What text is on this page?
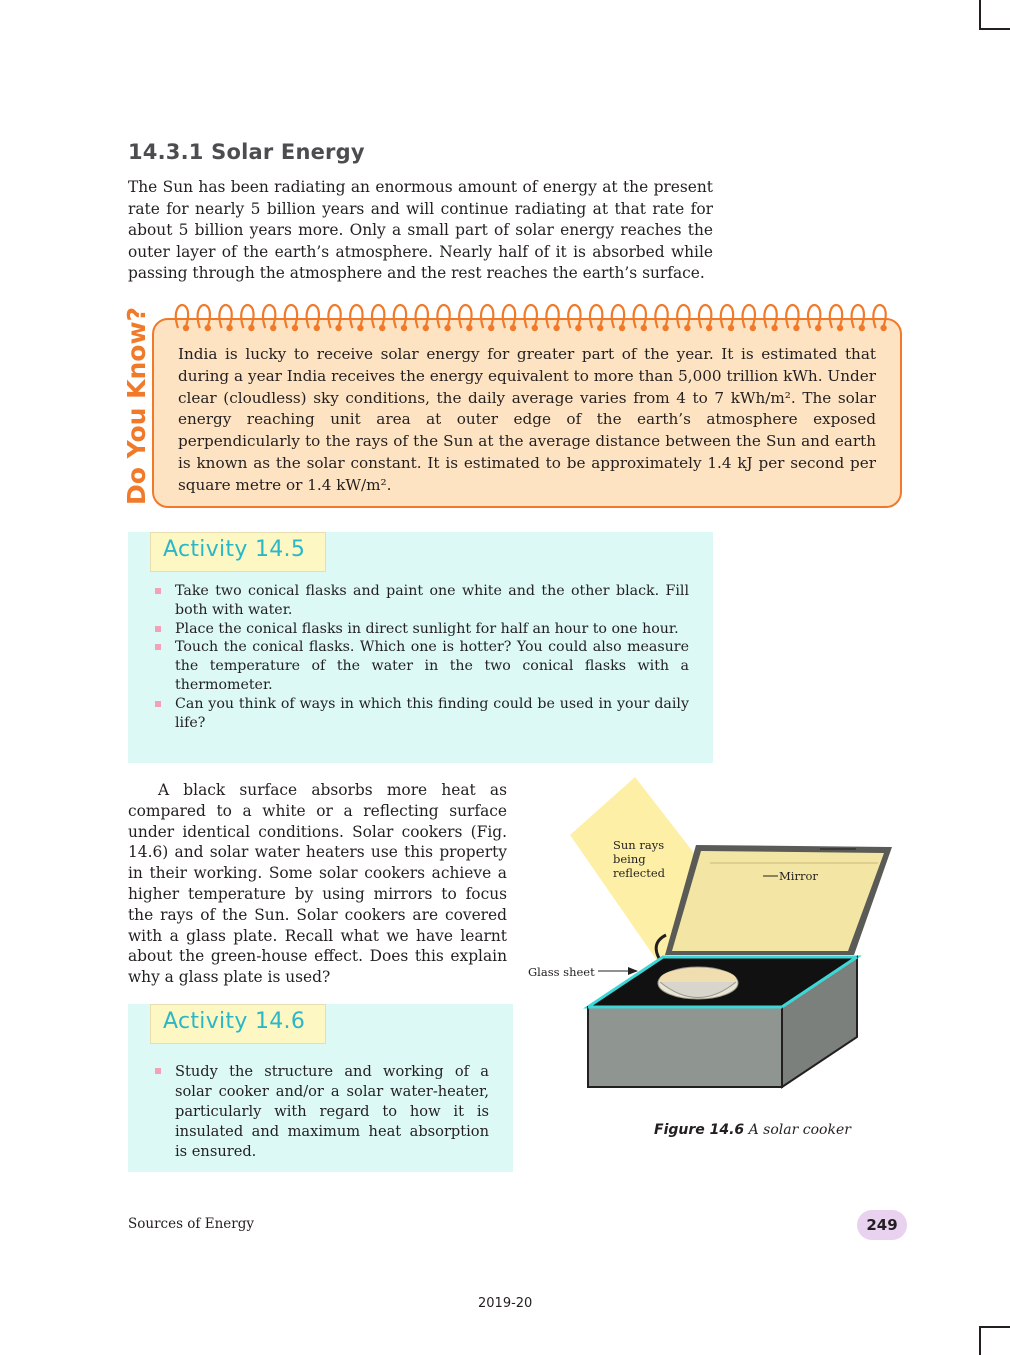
14.3.1 Solar Energy
The Sun has been radiating an enormous amount of energy at the present rate for nearly 5 billion years and will continue radiating at that rate for about 5 billion years more. Only a small part of solar energy reaches the outer layer of the earth’s atmosphere. Nearly half of it is absorbed while passing through the atmosphere and the rest reaches the earth’s surface.
Do You Know? India is lucky to receive solar energy for greater part of the year. It is estimated that during a year India receives the energy equivalent to more than 5,000 trillion kWh. Under clear (cloudless) sky conditions, the daily average varies from 4 to 7 kWh/m². The solar energy reaching unit area at outer edge of the earth’s atmosphere exposed perpendicularly to the rays of the Sun at the average distance between the Sun and earth is known as the solar constant. It is estimated to be approximately 1.4 kJ per second per square metre or 1.4 kW/m².
Activity 14.5
Take two conical flasks and paint one white and the other black. Fill both with water.
Place the conical flasks in direct sunlight for half an hour to one hour.
Touch the conical flasks. Which one is hotter? You could also measure the temperature of the water in the two conical flasks with a thermometer.
Can you think of ways in which this finding could be used in your daily life?
A black surface absorbs more heat as compared to a white or a reflecting surface under identical conditions. Solar cookers (Fig. 14.6) and solar water heaters use this property in their working. Some solar cookers achieve a higher temperature by using mirrors to focus the rays of the Sun. Solar cookers are covered with a glass plate. Recall what we have learnt about the green-house effect. Does this explain why a glass plate is used?
Activity 14.6
Study the structure and working of a solar cooker and/or a solar water-heater, particularly with regard to how it is insulated and maximum heat absorption is ensured.
Sun rays
being
reflected	Mirror
Glass sheet
Figure 14.6 A solar cooker
Sources of Energy	249
2019-20
